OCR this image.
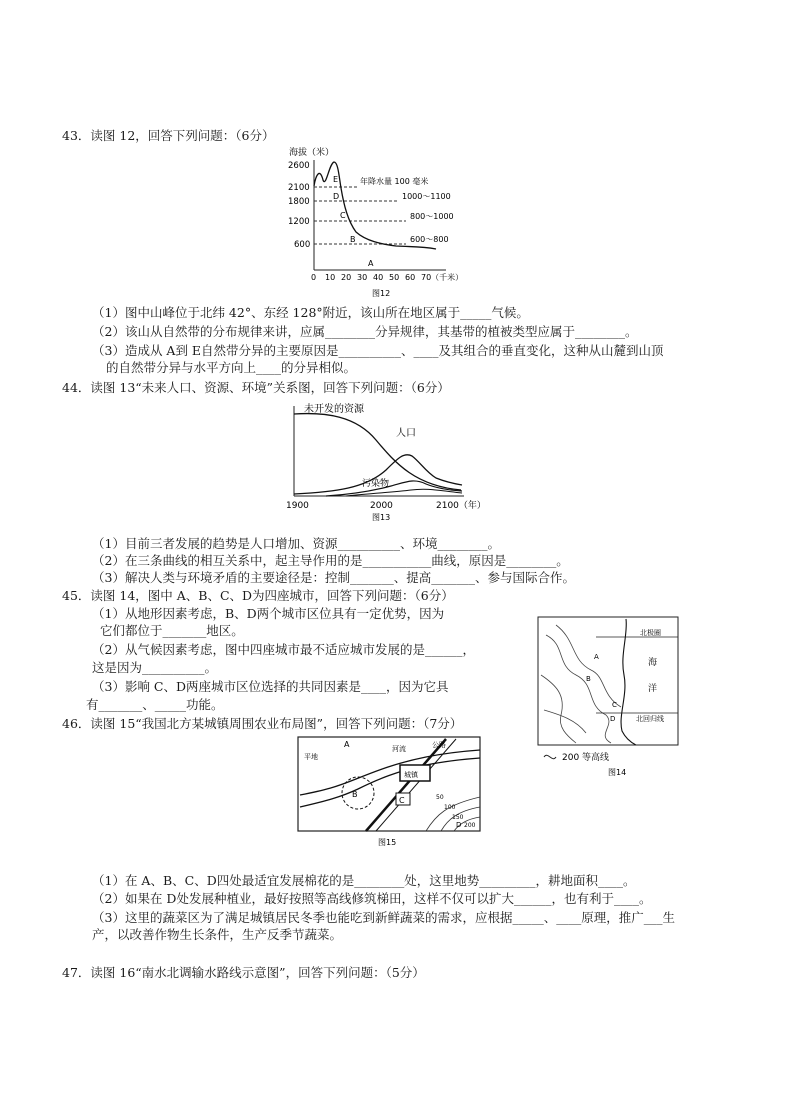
43．读图 12，回答下列问题：（6分）
海拔（米）
2600
2100
1800
1200
600
E
D
C
B
A
年降水量 100 毫米
1000～1100
800～1000
600～800
0 10 20 30 40 50 60 70（千米）
图12
（1）图中山峰位于北纬 42°、东经 128°附近，该山所在地区属于_____气候。
（2）该山从自然带的分布规律来讲，应属________分异规律，其基带的植被类型应属于________。
（3）造成从 A到 E自然带分异的主要原因是__________、____及其组合的垂直变化，这种从山麓到山顶
的自然带分异与水平方向上____的分异相似。
44．读图 13“未来人口、资源、环境”关系图，回答下列问题：（6分）
未开发的资源
人口
污染物
1900	2000	2100（年）
图13
（1）目前三者发展的趋势是人口增加、资源__________、环境________。
（2）在三条曲线的相互关系中，起主导作用的是___________曲线，原因是________。
（3）解决人类与环境矛盾的主要途径是：控制_______、提高_______、参与国际合作。
45．读图 14，图中 A、B、C、D为四座城市，回答下列问题：（6分）
（1）从地形因素考虑，B、D两个城市区位具有一定优势，因为
它们都位于_______地区。
（2）从气候因素考虑，图中四座城市最不适应城市发展的是______，
这是因为__________。
（3）影响 C、D两座城市区位选择的共同因素是____，因为它具
有_______、_____功能。
北极圈
A
海
B
洋
C
D	北回归线
200 等高线
图14
46．读图 15“我国北方某城镇周围农业布局图”，回答下列问题：（7分）
A
平地
河流	公路
城镇
B
C
D
50
100
150
200
图15
（1）在 A、B、C、D四处最适宜发展棉花的是________处，这里地势_________，耕地面积____。
（2）如果在 D处发展种植业，最好按照等高线修筑梯田，这样不仅可以扩大______，也有利于____。
（3）这里的蔬菜区为了满足城镇居民冬季也能吃到新鲜蔬菜的需求，应根据_____、____原理，推广___生
产，以改善作物生长条件，生产反季节蔬菜。
47．读图 16“南水北调输水路线示意图”，回答下列问题：（5分）
